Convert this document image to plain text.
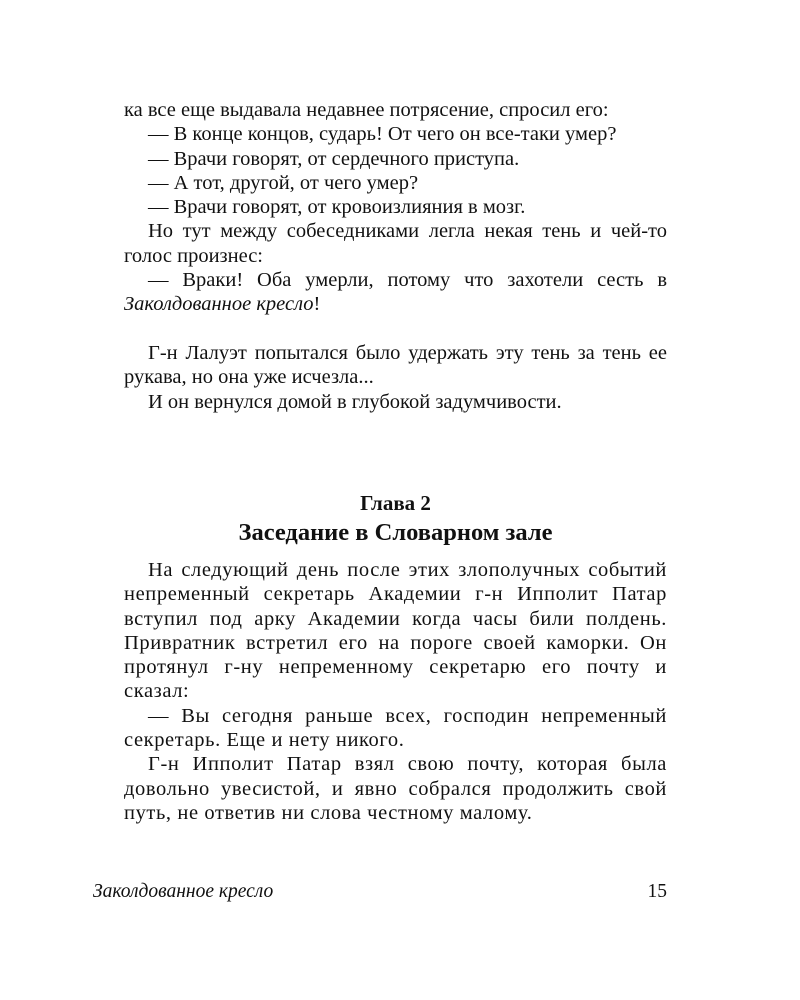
ка все еще выдавала недавнее потрясение, спросил его:

— В конце концов, сударь! От чего он все-таки умер?

— Врачи говорят, от сердечного приступа.

— А тот, другой, от чего умер?

— Врачи говорят, от кровоизлияния в мозг.

Но тут между собеседниками легла некая тень и чей-то голос произнес:

— Враки! Оба умерли, потому что захотели сесть в Заколдованное кресло!

Г-н Лалуэт попытался было удержать эту тень за тень ее рукава, но она уже исчезла...

И он вернулся домой в глубокой задумчивости.

Глава 2
Заседание в Словарном зале

На следующий день после этих злополучных событий непременный секретарь Академии г-н Ипполит Патар вступил под арку Академии когда часы били полдень. Привратник встретил его на пороге своей каморки. Он протянул г-ну непременному секретарю его почту и сказал:

— Вы сегодня раньше всех, господин непременный секретарь. Еще и нету никого.

Г-н Ипполит Патар взял свою почту, которая была довольно увесистой, и явно собрался продолжить свой путь, не ответив ни слова честному малому.

Заколдованное кресло	15
